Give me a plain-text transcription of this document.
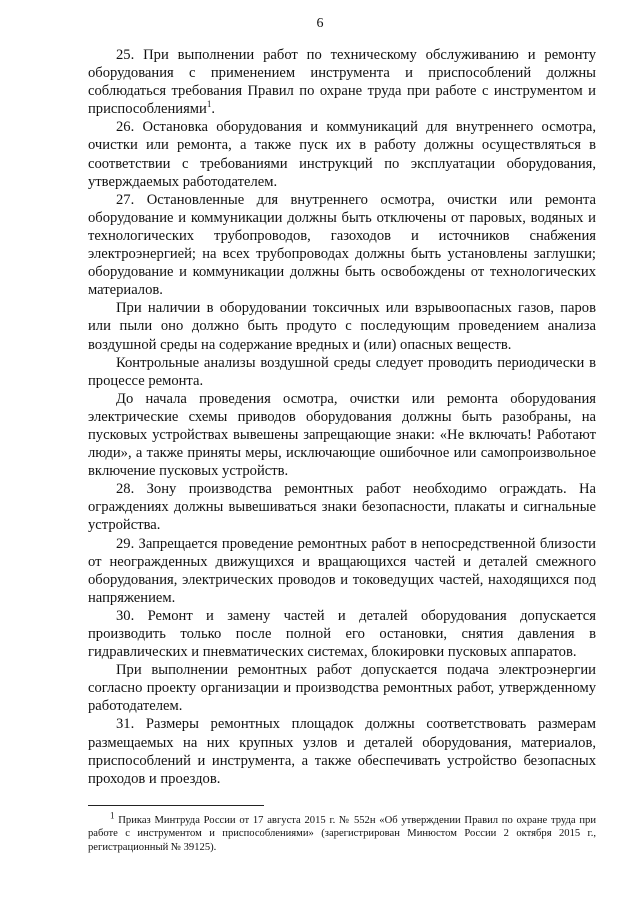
6

25. При выполнении работ по техническому обслуживанию и ремонту оборудования с применением инструмента и приспособлений должны соблюдаться требования Правил по охране труда при работе с инструментом и приспособлениями$^1$.

26. Остановка оборудования и коммуникаций для внутреннего осмотра, очистки или ремонта, а также пуск их в работу должны осуществляться в соответствии с требованиями инструкций по эксплуатации оборудования, утверждаемых работодателем.

27. Остановленные для внутреннего осмотра, очистки или ремонта оборудование и коммуникации должны быть отключены от паровых, водяных и технологических трубопроводов, газоходов и источников снабжения электроэнергией; на всех трубопроводах должны быть установлены заглушки; оборудование и коммуникации должны быть освобождены от технологических материалов.

При наличии в оборудовании токсичных или взрывоопасных газов, паров или пыли оно должно быть продуто с последующим проведением анализа воздушной среды на содержание вредных и (или) опасных веществ.

Контрольные анализы воздушной среды следует проводить периодически в процессе ремонта.

До начала проведения осмотра, очистки или ремонта оборудования электрические схемы приводов оборудования должны быть разобраны, на пусковых устройствах вывешены запрещающие знаки: «Не включать! Работают люди», а также приняты меры, исключающие ошибочное или самопроизвольное включение пусковых устройств.

28. Зону производства ремонтных работ необходимо ограждать. На ограждениях должны вывешиваться знаки безопасности, плакаты и сигнальные устройства.

29. Запрещается проведение ремонтных работ в непосредственной близости от неогражденных движущихся и вращающихся частей и деталей смежного оборудования, электрических проводов и токоведущих частей, находящихся под напряжением.

30. Ремонт и замену частей и деталей оборудования допускается производить только после полной его остановки, снятия давления в гидравлических и пневматических системах, блокировки пусковых аппаратов.

При выполнении ремонтных работ допускается подача электроэнергии согласно проекту организации и производства ремонтных работ, утвержденному работодателем.

31. Размеры ремонтных площадок должны соответствовать размерам размещаемых на них крупных узлов и деталей оборудования, материалов, приспособлений и инструмента, а также обеспечивать устройство безопасных проходов и проездов.

$^1$ Приказ Минтруда России от 17 августа 2015 г. № 552н «Об утверждении Правил по охране труда при работе с инструментом и приспособлениями» (зарегистрирован Минюстом России 2 октября 2015 г., регистрационный № 39125).
